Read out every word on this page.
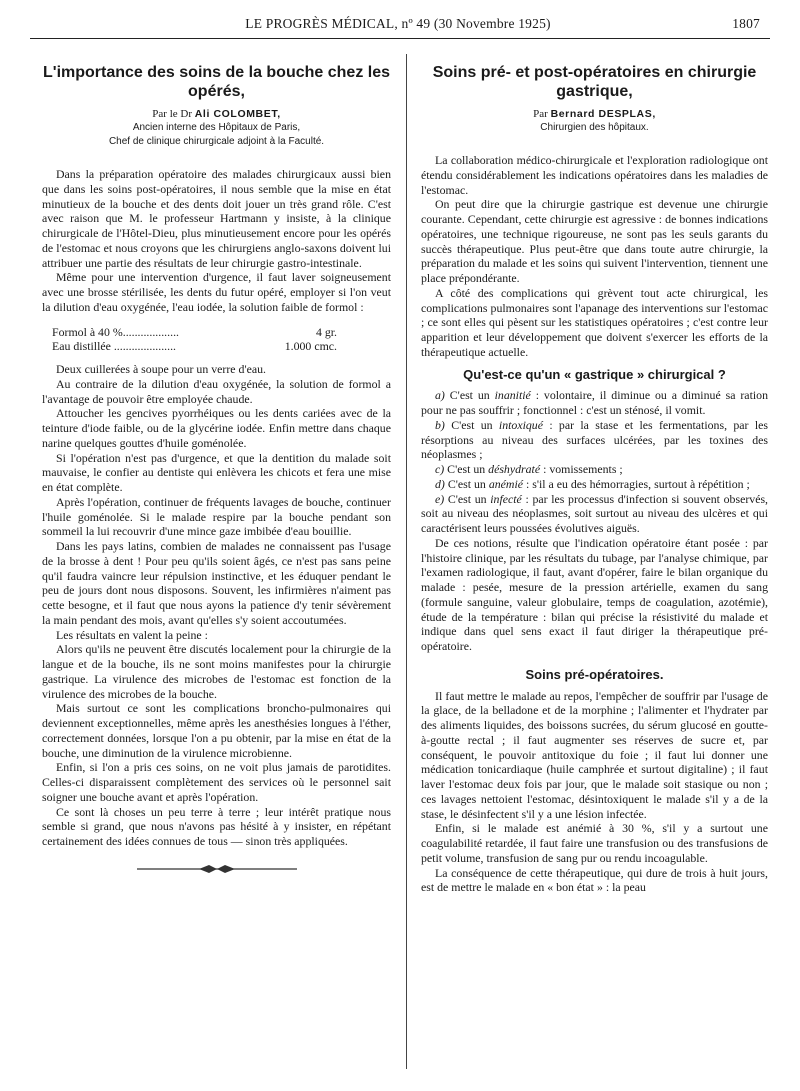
LE PROGRÈS MÉDICAL, nº 49 (30 Novembre 1925)	1807
L'importance des soins de la bouche chez les opérés,

Par le Dr Ali COLOMBET,

Ancien interne des Hôpitaux de Paris,

Chef de clinique chirurgicale adjoint à la Faculté.

Dans la préparation opératoire des malades chirurgicaux aussi bien que dans les soins post-opératoires, il nous semble que la mise en état minutieux de la bouche et des dents doit jouer un très grand rôle. C'est avec raison que M. le professeur Hartmann y insiste, à la clinique chirurgicale de l'Hôtel-Dieu, plus minutieusement encore pour les opérés de l'estomac et nous croyons que les chirurgiens anglo-saxons doivent lui attribuer une partie des résultats de leur chirurgie gastro-intestinale.

Même pour une intervention d'urgence, il faut laver soigneusement avec une brosse stérilisée, les dents du futur opéré, employer si l'on veut la dilution d'eau oxygénée, l'eau iodée, la solution faible de formol :

Formol à 40 %...................	4 gr.
Eau distillée .....................	1.000 cmc.

Deux cuillerées à soupe pour un verre d'eau.

Au contraire de la dilution d'eau oxygénée, la solution de formol a l'avantage de pouvoir être employée chaude.

Attoucher les gencives pyorrhéiques ou les dents cariées avec de la teinture d'iode faible, ou de la glycérine iodée. Enfin mettre dans chaque narine quelques gouttes d'huile goménolée.

Si l'opération n'est pas d'urgence, et que la dentition du malade soit mauvaise, le confier au dentiste qui enlèvera les chicots et fera une mise en état complète.

Après l'opération, continuer de fréquents lavages de bouche, continuer l'huile goménolée. Si le malade respire par la bouche pendant son sommeil la lui recouvrir d'une mince gaze imbibée d'eau bouillie.

Dans les pays latins, combien de malades ne connaissent pas l'usage de la brosse à dent ! Pour peu qu'ils soient âgés, ce n'est pas sans peine qu'il faudra vaincre leur répulsion instinctive, et les éduquer pendant le peu de jours dont nous disposons. Souvent, les infirmières n'aiment pas cette besogne, et il faut que nous ayons la patience d'y tenir sévèrement la main pendant des mois, avant qu'elles s'y soient accoutumées.

Les résultats en valent la peine :

Alors qu'ils ne peuvent être discutés localement pour la chirurgie de la langue et de la bouche, ils ne sont moins manifestes pour la chirurgie gastrique. La virulence des microbes de l'estomac est fonction de la virulence des microbes de la bouche.

Mais surtout ce sont les complications broncho-pulmonaires qui deviennent exceptionnelles, même après les anesthésies longues à l'éther, correctement données, lorsque l'on a pu obtenir, par la mise en état de la bouche, une diminution de la virulence microbienne.

Enfin, si l'on a pris ces soins, on ne voit plus jamais de parotidites. Celles-ci disparaissent complètement des services où le personnel sait soigner une bouche avant et après l'opération.

Ce sont là choses un peu terre à terre ; leur intérêt pratique nous semble si grand, que nous n'avons pas hésité à y insister, en répétant certainement des idées connues de tous — sinon très appliquées.

Soins pré- et post-opératoires en chirurgie gastrique,

Par Bernard DESPLAS,

Chirurgien des hôpitaux.

La collaboration médico-chirurgicale et l'exploration radiologique ont étendu considérablement les indications opératoires dans les maladies de l'estomac.

On peut dire que la chirurgie gastrique est devenue une chirurgie courante. Cependant, cette chirurgie est agressive : de bonnes indications opératoires, une technique rigoureuse, ne sont pas les seuls garants du succès thérapeutique. Plus peut-être que dans toute autre chirurgie, la préparation du malade et les soins qui suivent l'intervention, tiennent une place prépondérante.

A côté des complications qui grèvent tout acte chirurgical, les complications pulmonaires sont l'apanage des interventions sur l'estomac ; ce sont elles qui pèsent sur les statistiques opératoires ; c'est contre leur apparition et leur développement que doivent s'exercer les efforts de la thérapeutique actuelle.

Qu'est-ce qu'un « gastrique » chirurgical ?

a) C'est un inanitié : volontaire, il diminue ou a diminué sa ration pour ne pas souffrir ; fonctionnel : c'est un sténosé, il vomit.

b) C'est un intoxiqué : par la stase et les fermentations, par les résorptions au niveau des surfaces ulcérées, par les toxines des néoplasmes ;

c) C'est un déshydraté : vomissements ;

d) C'est un anémié : s'il a eu des hémorragies, surtout à répétition ;

e) C'est un infecté : par les processus d'infection si souvent observés, soit au niveau des néoplasmes, soit surtout au niveau des ulcères et qui caractérisent leurs poussées évolutives aiguës.

De ces notions, résulte que l'indication opératoire étant posée : par l'histoire clinique, par les résultats du tubage, par l'analyse chimique, par l'examen radiologique, il faut, avant d'opérer, faire le bilan organique du malade : pesée, mesure de la pression artérielle, examen du sang (formule sanguine, valeur globulaire, temps de coagulation, azotémie), étude de la température : bilan qui précise la résistivité du malade et indique dans quel sens exact il faut diriger la thérapeutique pré-opératoire.

Soins pré-opératoires.

Il faut mettre le malade au repos, l'empêcher de souffrir par l'usage de la glace, de la belladone et de la morphine ; l'alimenter et l'hydrater par des aliments liquides, des boissons sucrées, du sérum glucosé en goutte-à-goutte rectal ; il faut augmenter ses réserves de sucre et, par conséquent, le pouvoir antitoxique du foie ; il faut lui donner une médication tonicardiaque (huile camphrée et surtout digitaline) ; il faut laver l'estomac deux fois par jour, que le malade soit stasique ou non ; ces lavages nettoient l'estomac, désintoxiquent le malade s'il y a de la stase, le désinfectent s'il y a une lésion infectée.

Enfin, si le malade est anémié à 30 %, s'il y a surtout une coagulabilité retardée, il faut faire une transfusion ou des transfusions de petit volume, transfusion de sang pur ou rendu incoagulable.

La conséquence de cette thérapeutique, qui dure de trois à huit jours, est de mettre le malade en « bon état » : la peau
